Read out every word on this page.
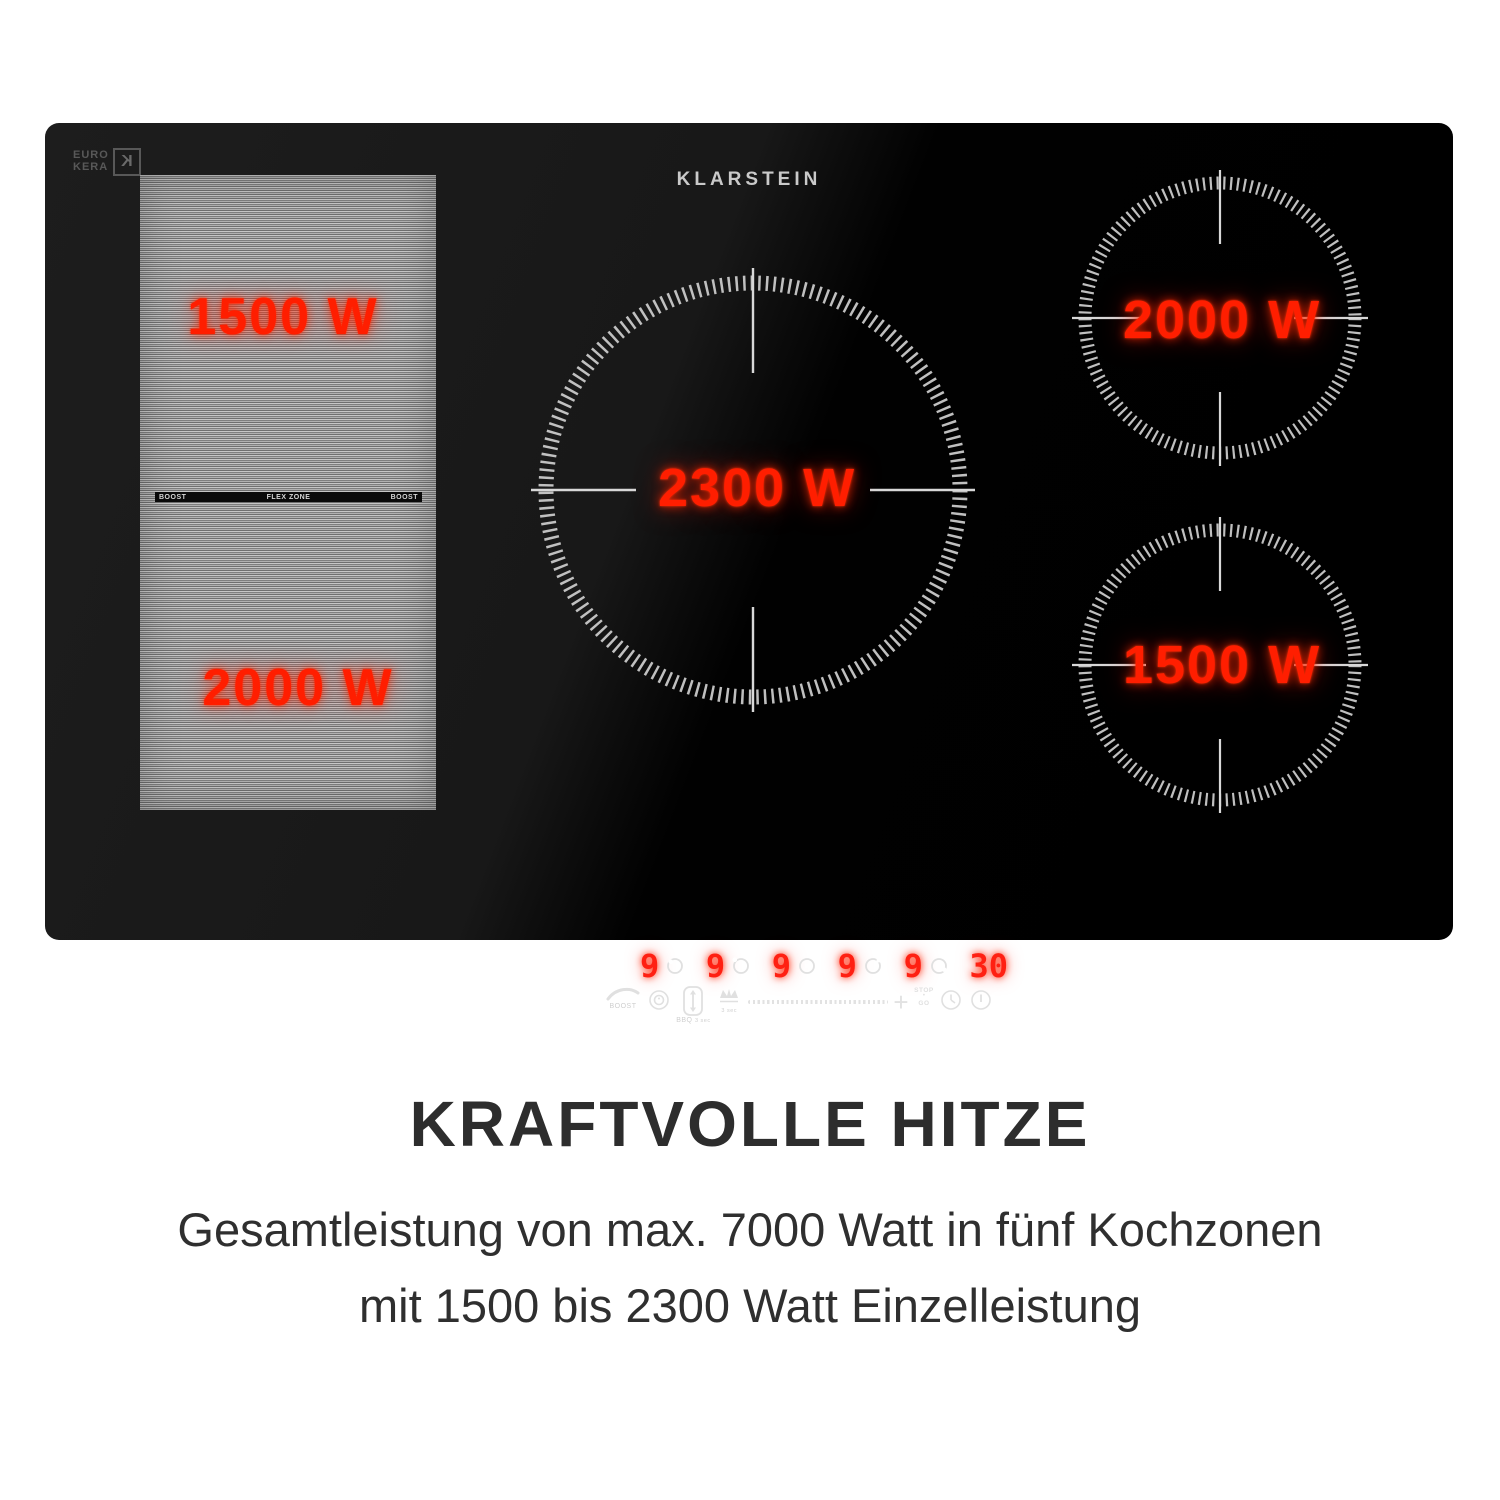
EURO
KERA K
KLARSTEIN
BOOST	FLEX ZONE	BOOST
9 9 9 9 9 30
BOOST
BBQ 3 sec
3 sec	+ STOP
•
GO
1500 W
2000 W
2300 W
2000 W
1500 W
KRAFTVOLLE HITZE
Gesamtleistung von max. 7000 Watt in fünf Kochzonen
mit 1500 bis 2300 Watt Einzelleistung
